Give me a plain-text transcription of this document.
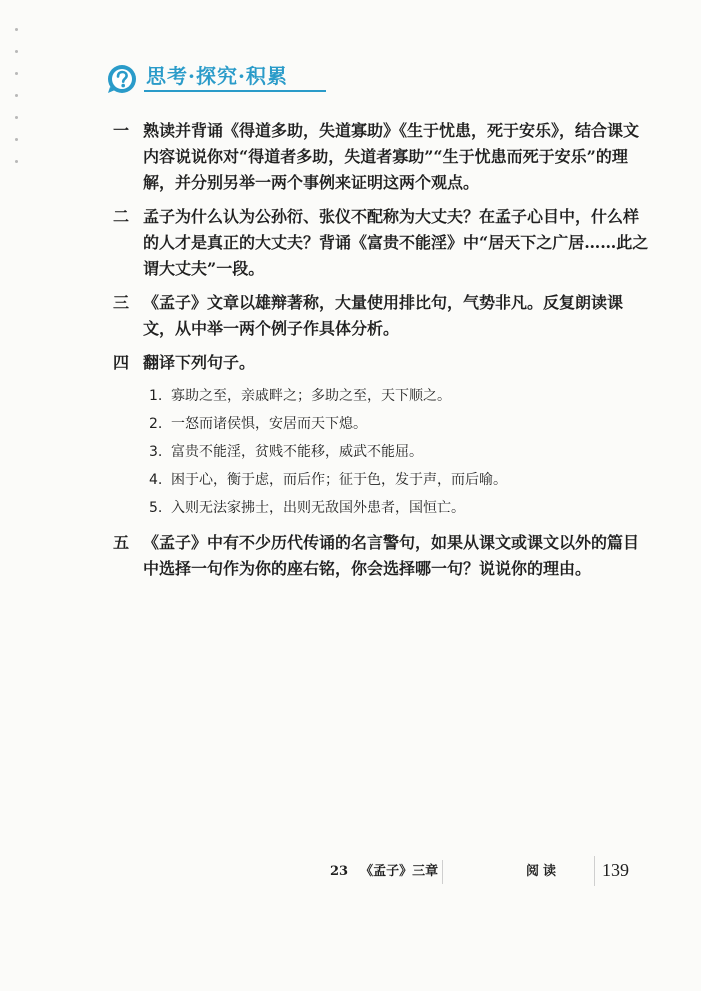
思考·探究·积累
一 熟读并背诵《得道多助，失道寡助》《生于忧患，死于安乐》，结合课文内容说说你对“得道者多助，失道者寡助”“生于忧患而死于安乐”的理解，并分别另举一两个事例来证明这两个观点。
二 孟子为什么认为公孙衍、张仪不配称为大丈夫？在孟子心目中，什么样的人才是真正的大丈夫？背诵《富贵不能淫》中“居天下之广居……此之谓大丈夫”一段。
三 《孟子》文章以雄辩著称，大量使用排比句，气势非凡。反复朗读课文，从中举一两个例子作具体分析。
四 翻译下列句子。
1. 寡助之至，亲戚畔之；多助之至，天下顺之。
2. 一怒而诸侯惧，安居而天下熄。
3. 富贵不能淫，贫贱不能移，威武不能屈。
4. 困于心，衡于虑，而后作；征于色，发于声，而后喻。
5. 入则无法家拂士，出则无敌国外患者，国恒亡。
五 《孟子》中有不少历代传诵的名言警句，如果从课文或课文以外的篇目中选择一句作为你的座右铭，你会选择哪一句？说说你的理由。
23 《孟子》三章	阅读 139
